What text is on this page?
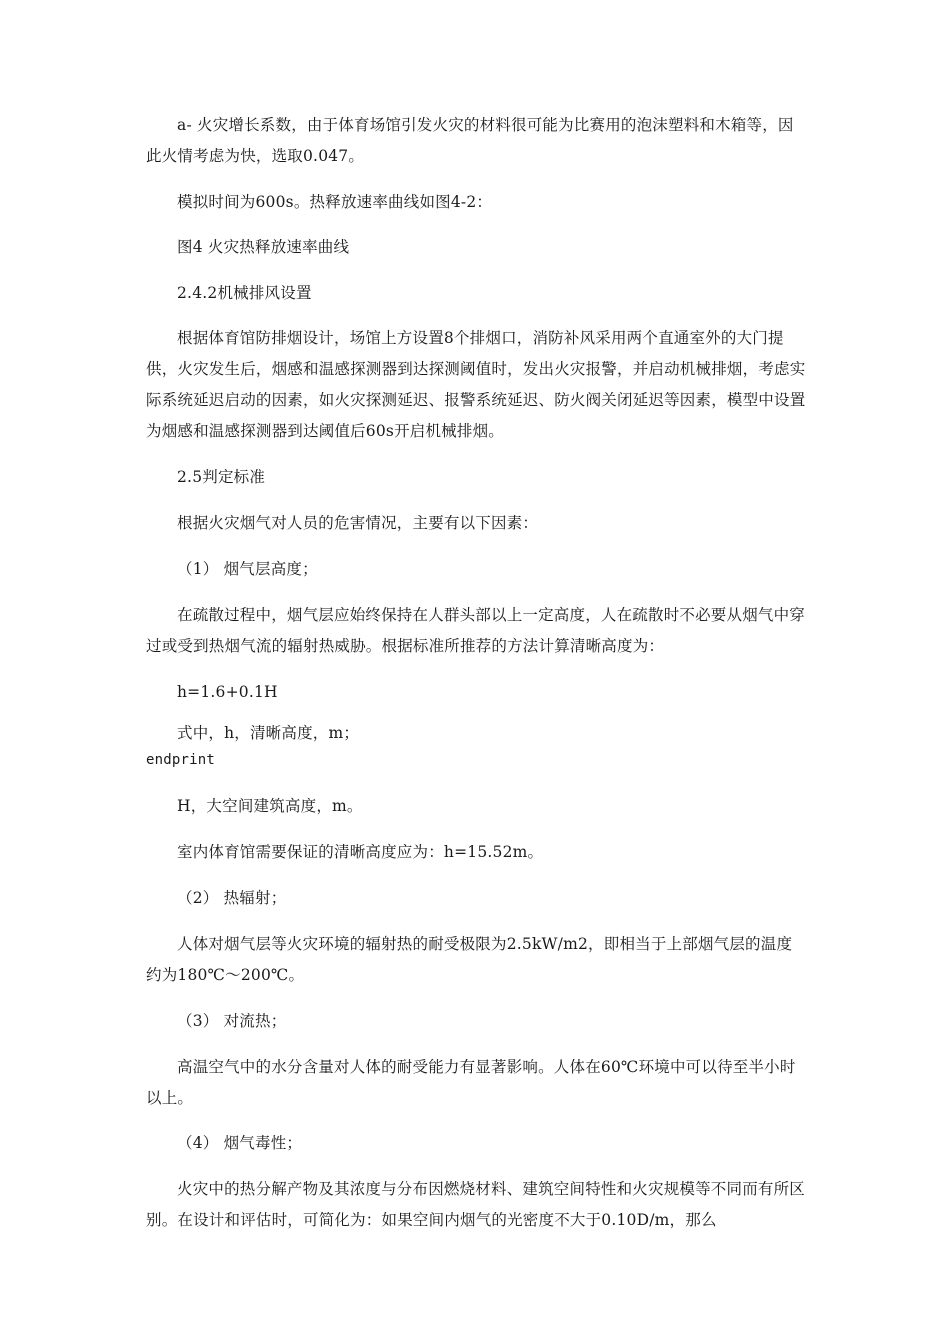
a- 火灾增长系数，由于体育场馆引发火灾的材料很可能为比赛用的泡沫塑料和木箱等，因此火情考虑为快，选取0.047。

模拟时间为600s。热释放速率曲线如图4-2：

图4 火灾热释放速率曲线

2.4.2机械排风设置

根据体育馆防排烟设计，场馆上方设置8个排烟口，消防补风采用两个直通室外的大门提供，火灾发生后，烟感和温感探测器到达探测阈值时，发出火灾报警，并启动机械排烟，考虑实际系统延迟启动的因素，如火灾探测延迟、报警系统延迟、防火阀关闭延迟等因素，模型中设置为烟感和温感探测器到达阈值后60s开启机械排烟。

2.5判定标准

根据火灾烟气对人员的危害情况，主要有以下因素：

（1） 烟气层高度；

在疏散过程中，烟气层应始终保持在人群头部以上一定高度，人在疏散时不必要从烟气中穿过或受到热烟气流的辐射热威胁。根据标准所推荐的方法计算清晰高度为：

h=1.6+0.1H

式中，h，清晰高度，m；

endprint

H，大空间建筑高度，m。

室内体育馆需要保证的清晰高度应为：h=15.52m。

（2） 热辐射；

人体对烟气层等火灾环境的辐射热的耐受极限为2.5kW/m2，即相当于上部烟气层的温度约为180℃～200℃。

（3） 对流热；

高温空气中的水分含量对人体的耐受能力有显著影响。人体在60℃环境中可以待至半小时以上。

（4） 烟气毒性；

火灾中的热分解产物及其浓度与分布因燃烧材料、建筑空间特性和火灾规模等不同而有所区别。在设计和评估时，可简化为：如果空间内烟气的光密度不大于0.10D/m，那么
